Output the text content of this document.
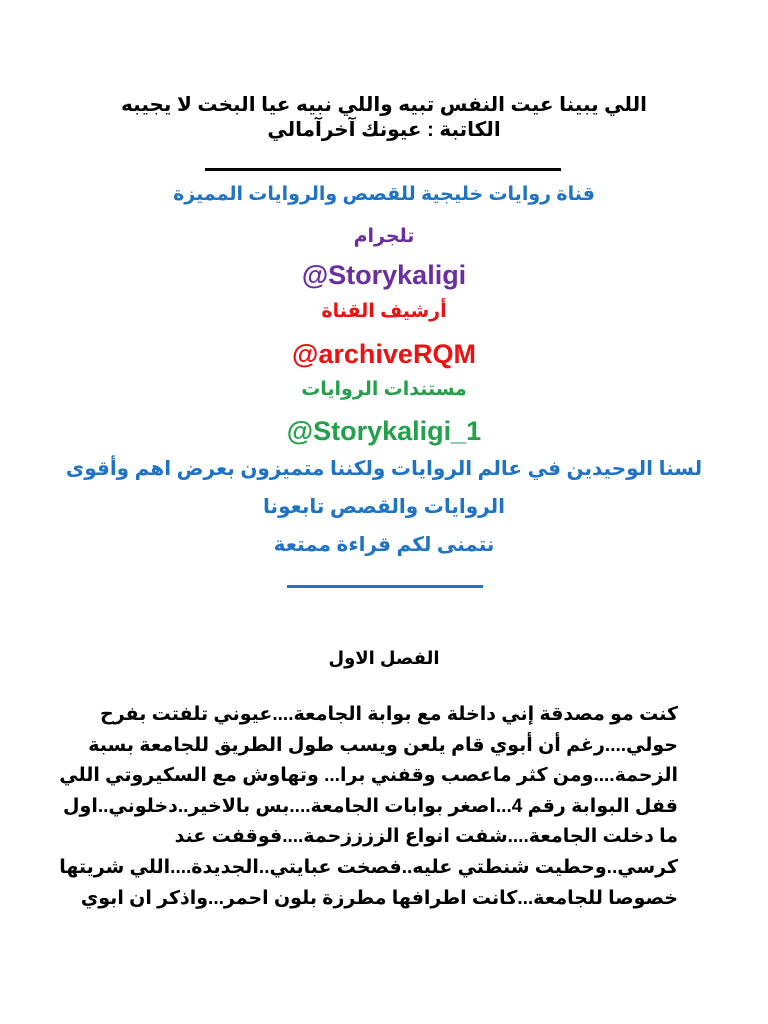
اللي يبينا عيت النفس تبيه واللي نبيه عيا البخت لا يجيبه
الكاتبة : عيونك آخرآمالي
قناة روايات خليجية للقصص والروايات المميزة
تلجرام
@Storykaligi
أرشيف القناة
@archiveRQM
مستندات الروايات
@Storykaligi_1
لسنا الوحيدين في عالم الروايات ولكننا متميزون بعرض اهم وأقوى
الروايات والقصص تابعونا
نتمنى لكم قراءة ممتعة
الفصل الاول
كنت مو مصدقة إني داخلة مع بوابة الجامعة....عيوني تلفتت بفرح
حولي....رغم أن أبوي قام يلعن ويسب طول الطريق للجامعة بسبة
الزحمة....ومن كثر ماعصب وقفني برا... وتهاوش مع السكيروتي اللي
قفل البوابة رقم 4...اصغر بوابات الجامعة....بس بالاخير..دخلوني..اول
ما دخلت الجامعة....شفت انواع الززززحمة....فوقفت عند
كرسي..وحطيت شنطتي عليه..فصخت عبايتي..الجديدة....اللي شريتها
خصوصا للجامعة...كانت اطرافها مطرزة بلون احمر...واذكر ان ابوي
